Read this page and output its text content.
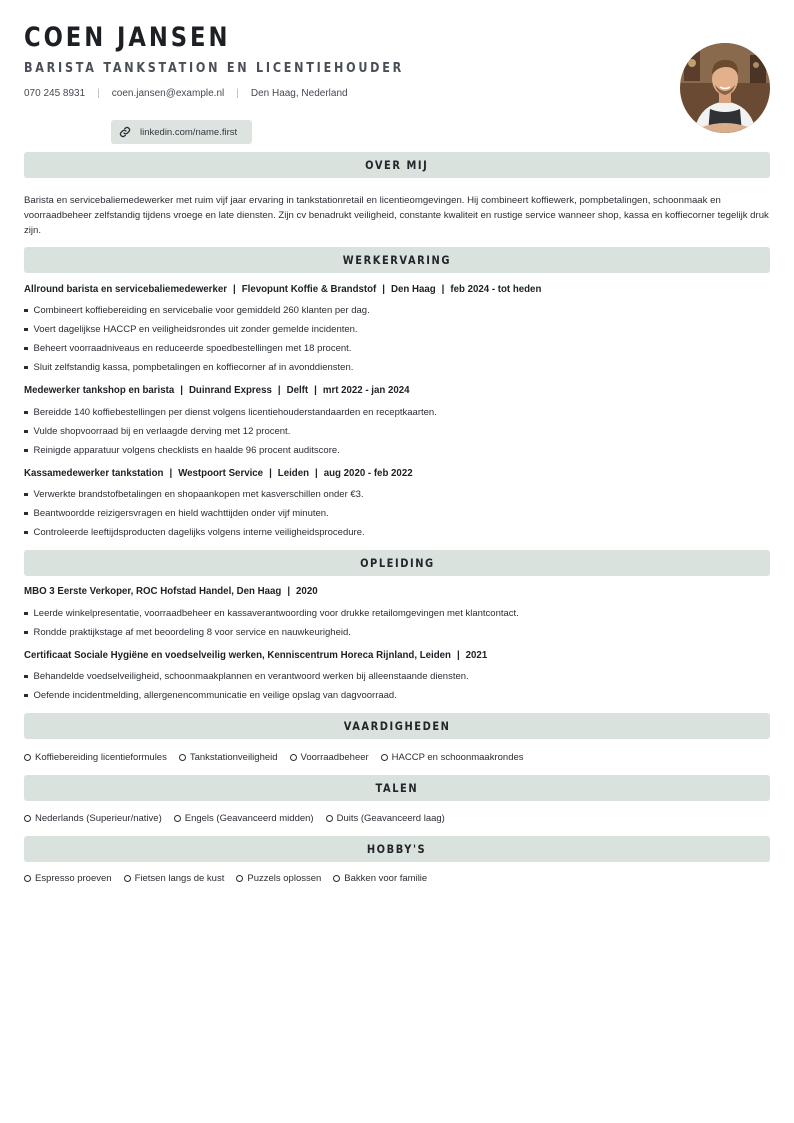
COEN JANSEN
BARISTA TANKSTATION EN LICENTIEHOUDER
070 245 8931 | coen.jansen@example.nl | Den Haag, Nederland
linkedin.com/name.first
OVER MIJ
Barista en servicebaliemedewerker met ruim vijf jaar ervaring in tankstationretail en licentieomgevingen. Hij combineert koffiewerk, pompbetalingen, schoonmaak en voorraadbeheer zelfstandig tijdens vroege en late diensten. Zijn cv benadrukt veiligheid, constante kwaliteit en rustige service wanneer shop, kassa en koffiecorner tegelijk druk zijn.
WERKERVARING
Allround barista en servicebaliemedewerker | Flevopunt Koffie & Brandstof | Den Haag | feb 2024 - tot heden
Combineert koffiebereiding en servicebalie voor gemiddeld 260 klanten per dag.
Voert dagelijkse HACCP en veiligheidsrondes uit zonder gemelde incidenten.
Beheert voorraadniveaus en reduceerde spoedbestellingen met 18 procent.
Sluit zelfstandig kassa, pompbetalingen en koffiecorner af in avonddiensten.
Medewerker tankshop en barista | Duinrand Express | Delft | mrt 2022 - jan 2024
Bereidde 140 koffiebestellingen per dienst volgens licentiehouderstandaarden en receptkaarten.
Vulde shopvoorraad bij en verlaagde derving met 12 procent.
Reinigde apparatuur volgens checklists en haalde 96 procent auditscore.
Kassamedewerker tankstation | Westpoort Service | Leiden | aug 2020 - feb 2022
Verwerkte brandstofbetalingen en shopaankopen met kasverschillen onder €3.
Beantwoordde reizigersvragen en hield wachttijden onder vijf minuten.
Controleerde leeftijdsproducten dagelijks volgens interne veiligheidsprocedure.
OPLEIDING
MBO 3 Eerste Verkoper, ROC Hofstad Handel, Den Haag | 2020
Leerde winkelpresentatie, voorraadbeheer en kassaverantwoording voor drukke retailomgevingen met klantcontact.
Rondde praktijkstage af met beoordeling 8 voor service en nauwkeurigheid.
Certificaat Sociale Hygiëne en voedselveilig werken, Kenniscentrum Horeca Rijnland, Leiden | 2021
Behandelde voedselveiligheid, schoonmaakplannen en verantwoord werken bij alleenstaande diensten.
Oefende incidentmelding, allergenencommunicatie en veilige opslag van dagvoorraad.
VAARDIGHEDEN
Koffiebereiding licentieformules Tankstationveiligheid Voorraadbeheer HACCP en schoonmaakrondes
TALEN
Nederlands (Superieur/native) Engels (Geavanceerd midden) Duits (Geavanceerd laag)
HOBBY'S
Espresso proeven Fietsen langs de kust Puzzels oplossen Bakken voor familie
